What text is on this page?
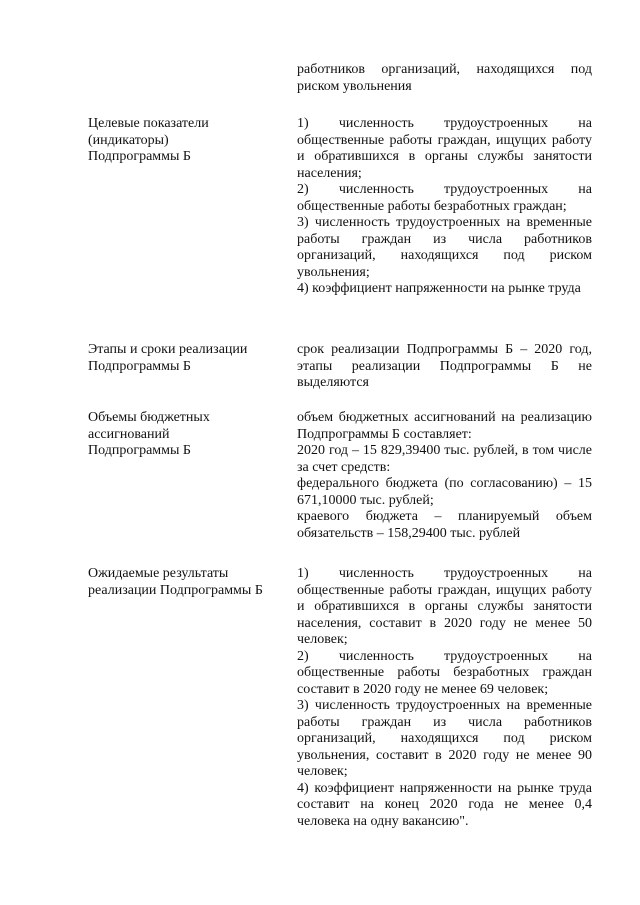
работников организаций, находящихся под риском увольнения

Целевые показатели
(индикаторы)
Подпрограммы Б

1) численность трудоустроенных на общественные работы граждан, ищущих работу и обратившихся в органы службы занятости населения;

2) численность трудоустроенных на общественные работы безработных граждан;

3) численность трудоустроенных на временные работы граждан из числа работников организаций, находящихся под риском увольнения;

4) коэффициент напряженности на рынке труда

Этапы и сроки реализации
Подпрограммы Б

срок реализации Подпрограммы Б – 2020 год, этапы реализации Подпрограммы Б не выделяются

Объемы бюджетных
ассигнований
Подпрограммы Б

объем бюджетных ассигнований на реализацию Подпрограммы Б составляет:

2020 год – 15 829,39400 тыс. рублей, в том числе за счет средств:

федерального бюджета (по согласованию) – 15 671,10000 тыс. рублей;

краевого бюджета – планируемый объем обязательств – 158,29400 тыс. рублей

Ожидаемые результаты
реализации Подпрограммы Б

1) численность трудоустроенных на общественные работы граждан, ищущих работу и обратившихся в органы службы занятости населения, составит в 2020 году не менее 50 человек;

2) численность трудоустроенных на общественные работы безработных граждан составит в 2020 году не менее 69 человек;

3) численность трудоустроенных на временные работы граждан из числа работников организаций, находящихся под риском увольнения, составит в 2020 году не менее 90 человек;

4) коэффициент напряженности на рынке труда составит на конец 2020 года не менее 0,4 человека на одну вакансию".
